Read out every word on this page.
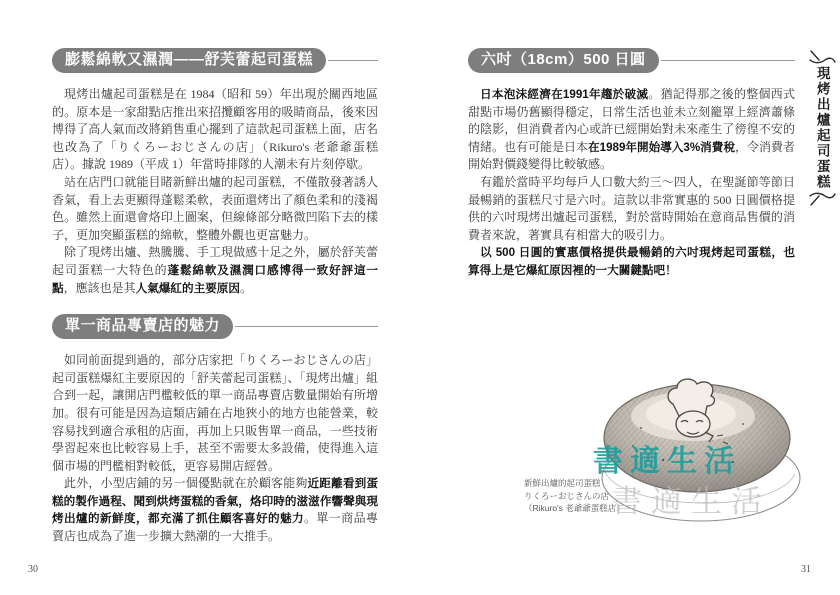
膨鬆綿軟又濕潤——舒芙蕾起司蛋糕

現烤出爐起司蛋糕是在 1984（昭和 59）年出現於關西地區的。原本是一家甜點店推出來招攬顧客用的吸睛商品，後來因博得了高人氣而改將銷售重心擺到了這款起司蛋糕上面，店名也改為了「りくろーおじさんの店」（Rikuro's 老爺爺蛋糕店）。據說 1989（平成 1）年當時排隊的人潮未有片刻停歇。

站在店門口就能目睹新鮮出爐的起司蛋糕，不僅散發著誘人香氣，看上去更顯得蓬鬆柔軟，表面還烤出了顏色柔和的淺褐色。雖然上面還會烙印上圖案，但線條部分略微凹陷下去的樣子，更加突顯蛋糕的綿軟，整體外觀也更富魅力。

除了現烤出爐、熱騰騰、手工現做感十足之外，屬於舒芙蕾起司蛋糕一大特色的蓬鬆綿軟及濕潤口感博得一致好評這一點，應該也是其人氣爆紅的主要原因。

單一商品專賣店的魅力

如同前面提到過的，部分店家把「りくろーおじさんの店」起司蛋糕爆紅主要原因的「舒芙蕾起司蛋糕」、「現烤出爐」組合到一起，讓開店門檻較低的單一商品專賣店數量開始有所增加。很有可能是因為這類店鋪在占地狹小的地方也能營業，較容易找到適合承租的店面，再加上只販售單一商品，一些技術學習起來也比較容易上手，甚至不需要太多設備，使得進入這個市場的門檻相對較低，更容易開店經營。

此外，小型店鋪的另一個優點就在於顧客能夠近距離看到蛋糕的製作過程、聞到烘烤蛋糕的香氣，烙印時的滋滋作響聲與現烤出爐的新鮮度，都充滿了抓住顧客喜好的魅力。單一商品專賣店也成為了進一步擴大熱潮的一大推手。

六吋（18cm）500 日圓

日本泡沫經濟在1991年趨於破滅。猶記得那之後的整個西式甜點市場仍舊顯得穩定，日常生活也並未立刻籠罩上經濟蕭條的陰影，但消費者內心或許已經開始對未來產生了徬徨不安的情緒。也有可能是日本在1989年開始導入3%消費稅，令消費者開始對價錢變得比較敏感。

有鑑於當時平均每戶人口數大約三～四人，在聖誕節等節日最暢銷的蛋糕尺寸是六吋。這款以非常實惠的 500 日圓價格提供的六吋現烤出爐起司蛋糕，對於當時開始在意商品售價的消費者來說，著實具有相當大的吸引力。

以 500 日圓的實惠價格提供最暢銷的六吋現烤起司蛋糕，也算得上是它爆紅原因裡的一大關鍵點吧！

新鮮出爐的起司蛋糕
りくろーおじさんの店
（Rikuro's 老爺爺蛋糕店）
書適生活
書適生活
現烤出爐起司蛋糕
30	31
